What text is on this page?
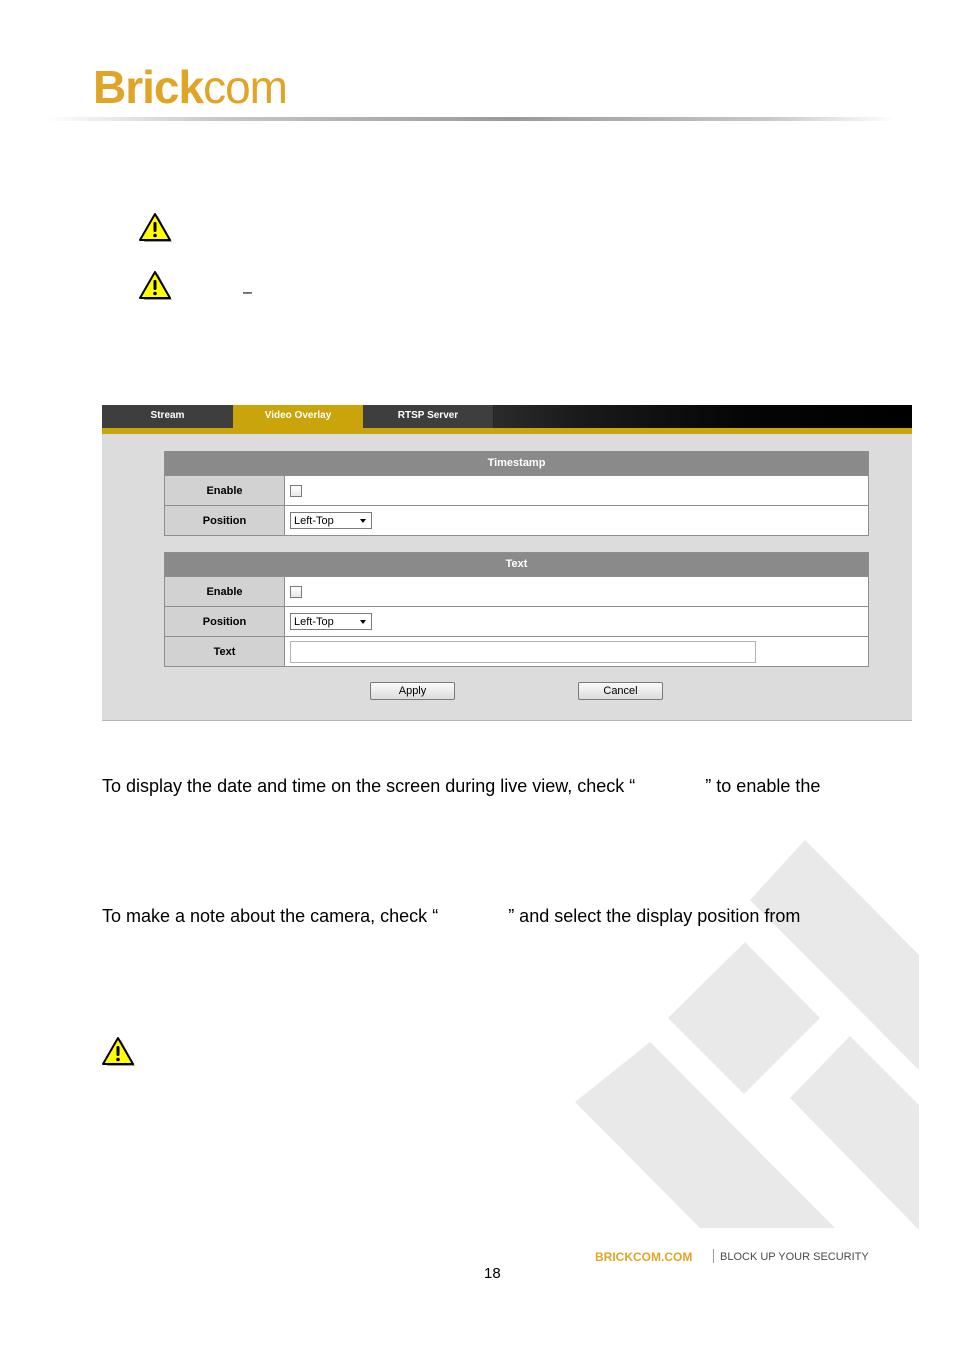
Brickcom
–
Stream	Video Overlay	RTSP Server
Timestamp
Enable
Position	Left-Top
Text
Enable
Position	Left-Top
Text
Apply	Cancel
To display the date and time on the screen during live view, check “	” to enable the
To make a note about the camera, check “	” and select the display position from
BRICKCOM.COM	BLOCK UP YOUR SECURITY
18
